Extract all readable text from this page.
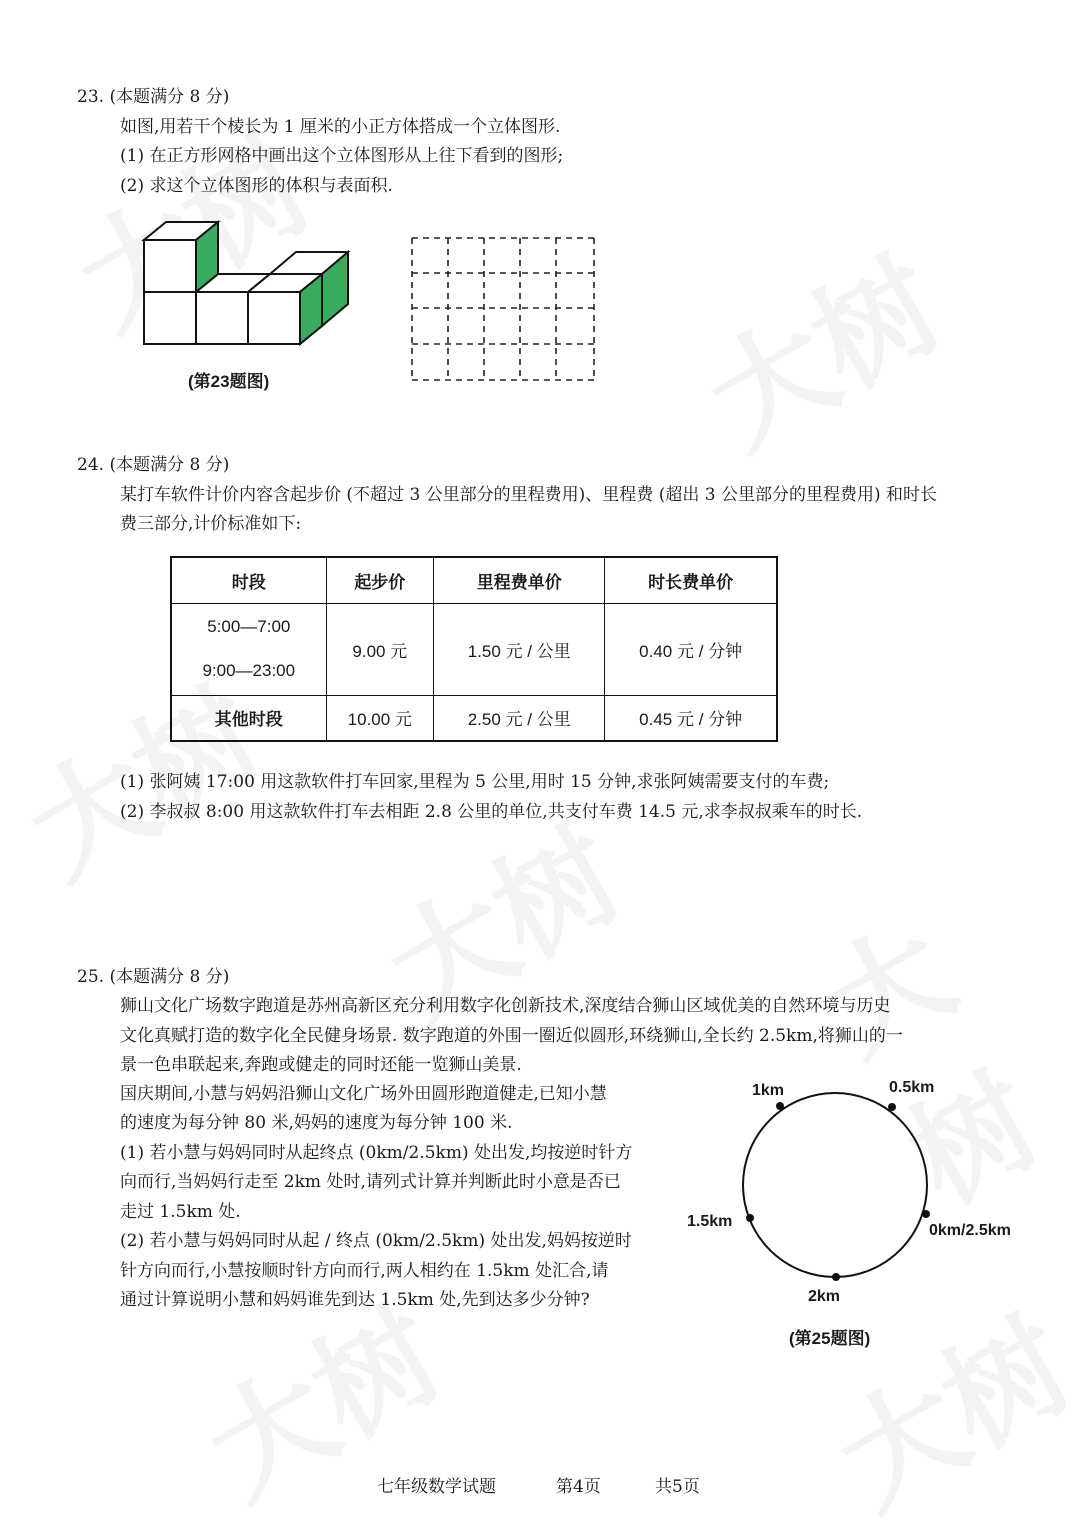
23. (本题满分 8 分)
如图,用若干个棱长为 1 厘米的小正方体搭成一个立体图形.
(1) 在正方形网格中画出这个立体图形从上往下看到的图形;
(2) 求这个立体图形的体积与表面积.
(第23题图)
24. (本题满分 8 分)
某打车软件计价内容含起步价 (不超过 3 公里部分的里程费用)、里程费 (超出 3 公里部分的里程费用) 和时长
费三部分,计价标准如下:
时段	起步价	里程费单价	时长费单价

5:00—7:00
9:00—23:00	9.00 元	1.50 元 / 公里	0.40 元 / 分钟
其他时段	10.00 元	2.50 元 / 公里	0.45 元 / 分钟
(1) 张阿姨 17:00 用这款软件打车回家,里程为 5 公里,用时 15 分钟,求张阿姨需要支付的车费;
(2) 李叔叔 8:00 用这款软件打车去相距 2.8 公里的单位,共支付车费 14.5 元,求李叔叔乘车的时长.
25. (本题满分 8 分)
狮山文化广场数字跑道是苏州高新区充分利用数字化创新技术,深度结合狮山区域优美的自然环境与历史
文化真赋打造的数字化全民健身场景. 数字跑道的外围一圈近似圆形,环绕狮山,全长约 2.5km,将狮山的一
景一色串联起来,奔跑或健走的同时还能一览狮山美景.
国庆期间,小慧与妈妈沿狮山文化广场外田圆形跑道健走,已知小慧
的速度为每分钟 80 米,妈妈的速度为每分钟 100 米.
(1) 若小慧与妈妈同时从起终点 (0km/2.5km) 处出发,均按逆时针方
向而行,当妈妈行走至 2km 处时,请列式计算并判断此时小意是否已
走过 1.5km 处.
(2) 若小慧与妈妈同时从起 / 终点 (0km/2.5km) 处出发,妈妈按逆时
针方向而行,小慧按顺时针方向而行,两人相约在 1.5km 处汇合,请
通过计算说明小慧和妈妈谁先到达 1.5km 处,先到达多少分钟?
1km	0.5km
1.5km
0km/2.5km
2km
(第25题图)
七年级数学试题	第4页	共5页
